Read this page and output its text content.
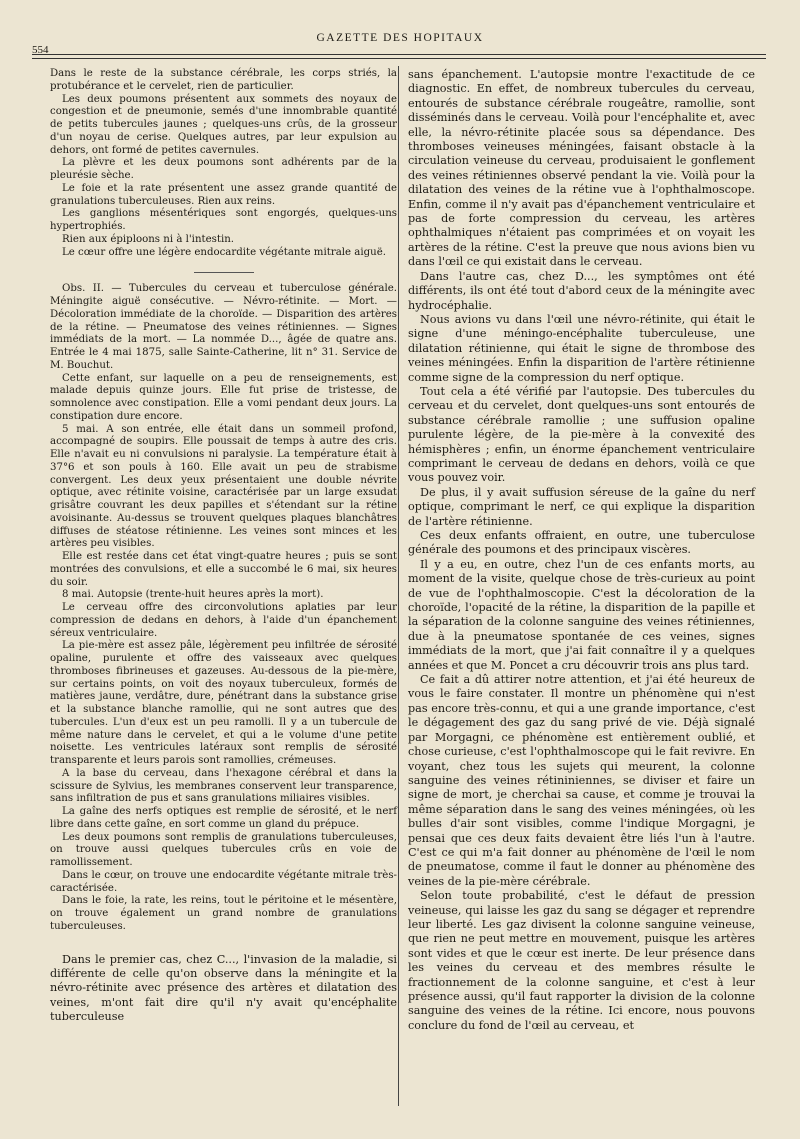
554
GAZETTE DES HOPITAUX

Dans le reste de la substance cérébrale, les corps striés, la protubérance et le cervelet, rien de particulier.

Les deux poumons présentent aux sommets des noyaux de congestion et de pneumonie, semés d'une innombrable quantité de petits tubercules jaunes ; quelques-uns crûs, de la grosseur d'un noyau de cerise. Quelques autres, par leur expulsion au dehors, ont formé de petites cavernules.

La plèvre et les deux poumons sont adhérents par de la pleurésie sèche.

Le foie et la rate présentent une assez grande quantité de granulations tuberculeuses. Rien aux reins.

Les ganglions mésentériques sont engorgés, quelques-uns hypertrophiés.

Rien aux épiploons ni à l'intestin.

Le cœur offre une légère endocardite végétante mitrale aiguë.

Obs. II. — Tubercules du cerveau et tuberculose générale. Méningite aiguë consécutive. — Névro-rétinite. — Mort. — Décoloration immédiate de la choroïde. — Disparition des artères de la rétine. — Pneumatose des veines rétiniennes. — Signes immédiats de la mort. — La nommée D..., âgée de quatre ans. Entrée le 4 mai 1875, salle Sainte-Catherine, lit n° 31. Service de M. Bouchut.

Cette enfant, sur laquelle on a peu de renseignements, est malade depuis quinze jours. Elle fut prise de tristesse, de somnolence avec constipation. Elle a vomi pendant deux jours. La constipation dure encore.

5 mai. A son entrée, elle était dans un sommeil profond, accompagné de soupirs. Elle poussait de temps à autre des cris. Elle n'avait eu ni convulsions ni paralysie. La température était à 37°6 et son pouls à 160. Elle avait un peu de strabisme convergent. Les deux yeux présentaient une double névrite optique, avec rétinite voisine, caractérisée par un large exsudat grisâtre couvrant les deux papilles et s'étendant sur la rétine avoisinante. Au-dessus se trouvent quelques plaques blanchâtres diffuses de stéatose rétinienne. Les veines sont minces et les artères peu visibles.

Elle est restée dans cet état vingt-quatre heures ; puis se sont montrées des convulsions, et elle a succombé le 6 mai, six heures du soir.

8 mai. Autopsie (trente-huit heures après la mort).

Le cerveau offre des circonvolutions aplaties par leur compression de dedans en dehors, à l'aide d'un épanchement séreux ventriculaire.

La pie-mère est assez pâle, légèrement peu infiltrée de sérosité opaline, purulente et offre des vaisseaux avec quelques thromboses fibrineuses et gazeuses. Au-dessous de la pie-mère, sur certains points, on voit des noyaux tuberculeux, formés de matières jaune, verdâtre, dure, pénétrant dans la substance grise et la substance blanche ramollie, qui ne sont autres que des tubercules. L'un d'eux est un peu ramolli. Il y a un tubercule de même nature dans le cervelet, et qui a le volume d'une petite noisette. Les ventricules latéraux sont remplis de sérosité transparente et leurs parois sont ramollies, crémeuses.

A la base du cerveau, dans l'hexagone cérébral et dans la scissure de Sylvius, les membranes conservent leur transparence, sans infiltration de pus et sans granulations miliaires visibles.

La gaîne des nerfs optiques est remplie de sérosité, et le nerf libre dans cette gaîne, en sort comme un gland du prépuce.

Les deux poumons sont remplis de granulations tuberculeuses, on trouve aussi quelques tubercules crûs en voie de ramollissement.

Dans le cœur, on trouve une endocardite végétante mitrale très-caractérisée.

Dans le foie, la rate, les reins, tout le péritoine et le mésentère, on trouve également un grand nombre de granulations tuberculeuses.

Dans le premier cas, chez C..., l'invasion de la maladie, si différente de celle qu'on observe dans la méningite et la névro-rétinite avec présence des artères et dilatation des veines, m'ont fait dire qu'il n'y avait qu'encéphalite tuberculeuse

sans épanchement. L'autopsie montre l'exactitude de ce diagnostic. En effet, de nombreux tubercules du cerveau, entourés de substance cérébrale rougeâtre, ramollie, sont disséminés dans le cerveau. Voilà pour l'encéphalite et, avec elle, la névro-rétinite placée sous sa dépendance. Des thromboses veineuses méningées, faisant obstacle à la circulation veineuse du cerveau, produisaient le gonflement des veines rétiniennes observé pendant la vie. Voilà pour la dilatation des veines de la rétine vue à l'ophthalmoscope. Enfin, comme il n'y avait pas d'épanchement ventriculaire et pas de forte compression du cerveau, les artères ophthalmiques n'étaient pas comprimées et on voyait les artères de la rétine. C'est la preuve que nous avions bien vu dans l'œil ce qui existait dans le cerveau.

Dans l'autre cas, chez D..., les symptômes ont été différents, ils ont été tout d'abord ceux de la méningite avec hydrocéphalie.

Nous avions vu dans l'œil une névro-rétinite, qui était le signe d'une méningo-encéphalite tuberculeuse, une dilatation rétinienne, qui était le signe de thrombose des veines méningées. Enfin la disparition de l'artère rétinienne comme signe de la compression du nerf optique.

Tout cela a été vérifié par l'autopsie. Des tubercules du cerveau et du cervelet, dont quelques-uns sont entourés de substance cérébrale ramollie ; une suffusion opaline purulente légère, de la pie-mère à la convexité des hémisphères ; enfin, un énorme épanchement ventriculaire comprimant le cerveau de dedans en dehors, voilà ce que vous pouvez voir.

De plus, il y avait suffusion séreuse de la gaîne du nerf optique, comprimant le nerf, ce qui explique la disparition de l'artère rétinienne.

Ces deux enfants offraient, en outre, une tuberculose générale des poumons et des principaux viscères.

Il y a eu, en outre, chez l'un de ces enfants morts, au moment de la visite, quelque chose de très-curieux au point de vue de l'ophthalmoscopie. C'est la décoloration de la choroïde, l'opacité de la rétine, la disparition de la papille et la séparation de la colonne sanguine des veines rétiniennes, due à la pneumatose spontanée de ces veines, signes immédiats de la mort, que j'ai fait connaître il y a quelques années et que M. Poncet a cru découvrir trois ans plus tard.

Ce fait a dû attirer notre attention, et j'ai été heureux de vous le faire constater. Il montre un phénomène qui n'est pas encore très-connu, et qui a une grande importance, c'est le dégagement des gaz du sang privé de vie. Déjà signalé par Morgagni, ce phénomène est entièrement oublié, et chose curieuse, c'est l'ophthalmoscope qui le fait revivre. En voyant, chez tous les sujets qui meurent, la colonne sanguine des veines rétininiennes, se diviser et faire un signe de mort, je cherchai sa cause, et comme je trouvai la même séparation dans le sang des veines méningées, où les bulles d'air sont visibles, comme l'indique Morgagni, je pensai que ces deux faits devaient être liés l'un à l'autre. C'est ce qui m'a fait donner au phénomène de l'œil le nom de pneumatose, comme il faut le donner au phénomène des veines de la pie-mère cérébrale.

Selon toute probabilité, c'est le défaut de pression veineuse, qui laisse les gaz du sang se dégager et reprendre leur liberté. Les gaz divisent la colonne sanguine veineuse, que rien ne peut mettre en mouvement, puisque les artères sont vides et que le cœur est inerte. De leur présence dans les veines du cerveau et des membres résulte le fractionnement de la colonne sanguine, et c'est à leur présence aussi, qu'il faut rapporter la division de la colonne sanguine des veines de la rétine. Ici encore, nous pouvons conclure du fond de l'œil au cerveau, et
